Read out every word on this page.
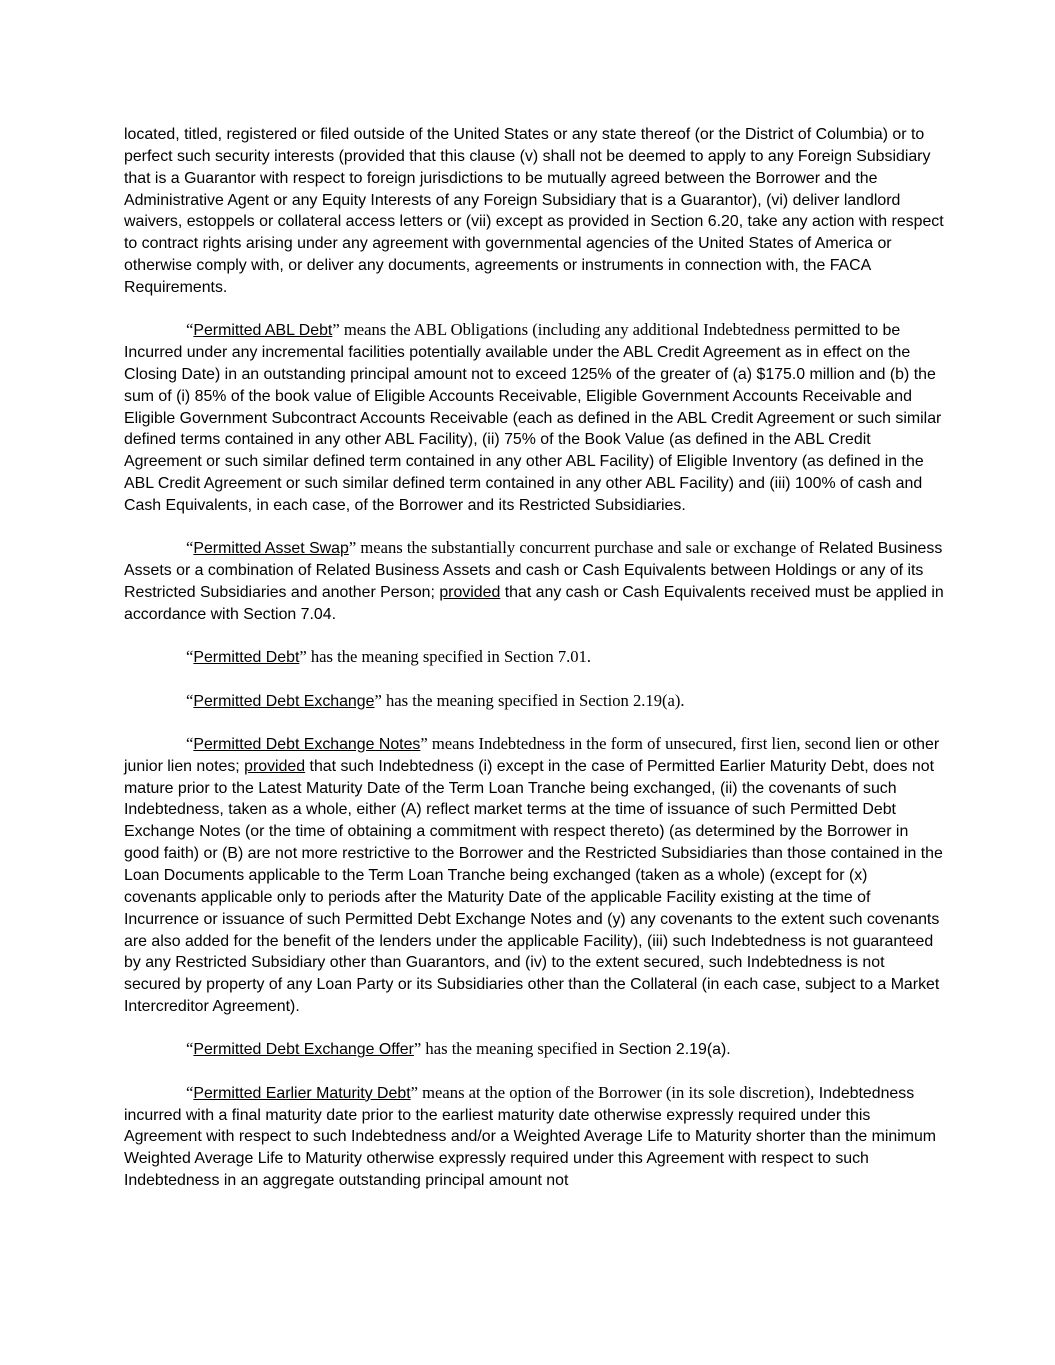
located, titled, registered or filed outside of the United States or any state thereof (or the District of Columbia) or to perfect such security interests (provided that this clause (v) shall not be deemed to apply to any Foreign Subsidiary that is a Guarantor with respect to foreign jurisdictions to be mutually agreed between the Borrower and the Administrative Agent or any Equity Interests of any Foreign Subsidiary that is a Guarantor), (vi) deliver landlord waivers, estoppels or collateral access letters or (vii) except as provided in Section 6.20, take any action with respect to contract rights arising under any agreement with governmental agencies of the United States of America or otherwise comply with, or deliver any documents, agreements or instruments in connection with, the FACA Requirements.

“Permitted ABL Debt” means the ABL Obligations (including any additional Indebtedness permitted to be Incurred under any incremental facilities potentially available under the ABL Credit Agreement as in effect on the Closing Date) in an outstanding principal amount not to exceed 125% of the greater of (a) $175.0 million and (b) the sum of (i) 85% of the book value of Eligible Accounts Receivable, Eligible Government Accounts Receivable and Eligible Government Subcontract Accounts Receivable (each as defined in the ABL Credit Agreement or such similar defined terms contained in any other ABL Facility), (ii) 75% of the Book Value (as defined in the ABL Credit Agreement or such similar defined term contained in any other ABL Facility) of Eligible Inventory (as defined in the ABL Credit Agreement or such similar defined term contained in any other ABL Facility) and (iii) 100% of cash and Cash Equivalents, in each case, of the Borrower and its Restricted Subsidiaries.

“Permitted Asset Swap” means the substantially concurrent purchase and sale or exchange of Related Business Assets or a combination of Related Business Assets and cash or Cash Equivalents between Holdings or any of its Restricted Subsidiaries and another Person; provided that any cash or Cash Equivalents received must be applied in accordance with Section 7.04.

“Permitted Debt” has the meaning specified in Section 7.01.

“Permitted Debt Exchange” has the meaning specified in Section 2.19(a).

“Permitted Debt Exchange Notes” means Indebtedness in the form of unsecured, first lien, second lien or other junior lien notes; provided that such Indebtedness (i) except in the case of Permitted Earlier Maturity Debt, does not mature prior to the Latest Maturity Date of the Term Loan Tranche being exchanged, (ii) the covenants of such Indebtedness, taken as a whole, either (A) reflect market terms at the time of issuance of such Permitted Debt Exchange Notes (or the time of obtaining a commitment with respect thereto) (as determined by the Borrower in good faith) or (B) are not more restrictive to the Borrower and the Restricted Subsidiaries than those contained in the Loan Documents applicable to the Term Loan Tranche being exchanged (taken as a whole) (except for (x) covenants applicable only to periods after the Maturity Date of the applicable Facility existing at the time of Incurrence or issuance of such Permitted Debt Exchange Notes and (y) any covenants to the extent such covenants are also added for the benefit of the lenders under the applicable Facility), (iii) such Indebtedness is not guaranteed by any Restricted Subsidiary other than Guarantors, and (iv) to the extent secured, such Indebtedness is not secured by property of any Loan Party or its Subsidiaries other than the Collateral (in each case, subject to a Market Intercreditor Agreement).

“Permitted Debt Exchange Offer” has the meaning specified in Section 2.19(a).

“Permitted Earlier Maturity Debt” means at the option of the Borrower (in its sole discretion), Indebtedness incurred with a final maturity date prior to the earliest maturity date otherwise expressly required under this Agreement with respect to such Indebtedness and/or a Weighted Average Life to Maturity shorter than the minimum Weighted Average Life to Maturity otherwise expressly required under this Agreement with respect to such Indebtedness in an aggregate outstanding principal amount not
